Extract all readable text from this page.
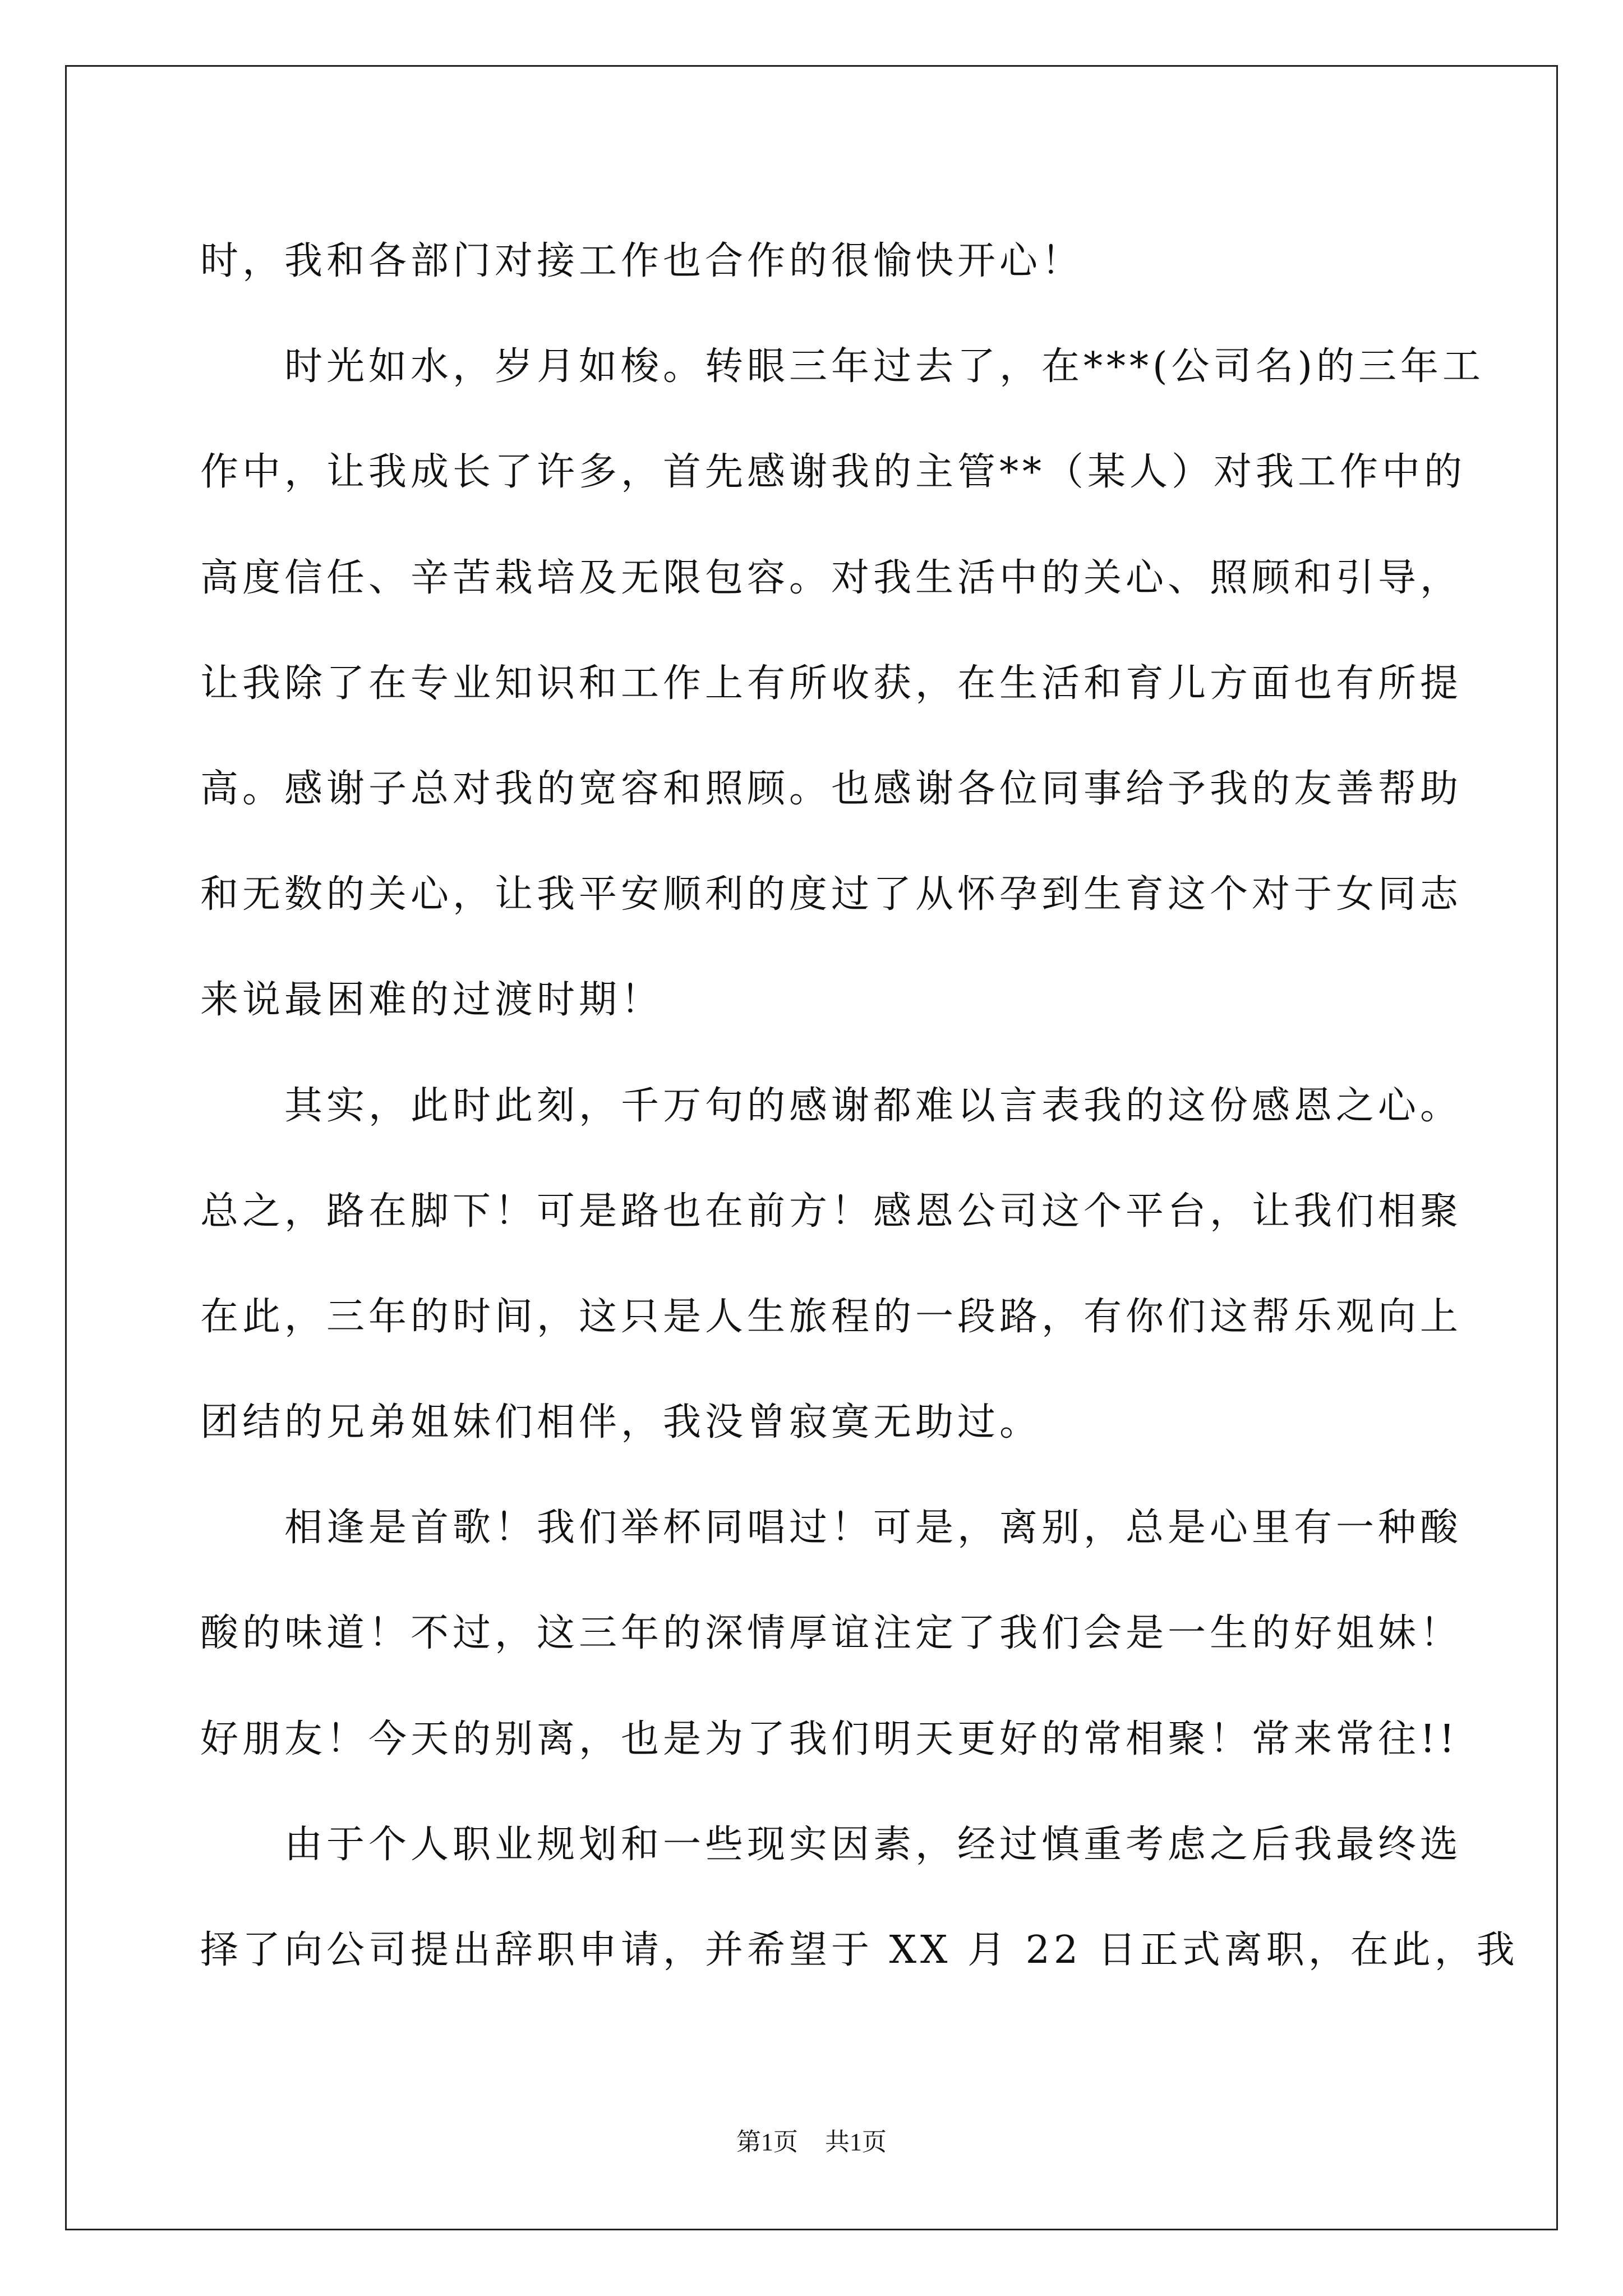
时，我和各部门对接工作也合作的很愉快开心！
时光如水，岁月如梭。转眼三年过去了，在***(公司名)的三年工
作中，让我成长了许多，首先感谢我的主管**（某人）对我工作中的
高度信任、辛苦栽培及无限包容。对我生活中的关心、照顾和引导，
让我除了在专业知识和工作上有所收获，在生活和育儿方面也有所提
高。感谢子总对我的宽容和照顾。也感谢各位同事给予我的友善帮助
和无数的关心，让我平安顺利的度过了从怀孕到生育这个对于女同志
来说最困难的过渡时期！
其实，此时此刻，千万句的感谢都难以言表我的这份感恩之心。
总之，路在脚下！可是路也在前方！感恩公司这个平台，让我们相聚
在此，三年的时间，这只是人生旅程的一段路，有你们这帮乐观向上
团结的兄弟姐妹们相伴，我没曾寂寞无助过。
相逢是首歌！我们举杯同唱过！可是，离别，总是心里有一种酸
酸的味道！不过，这三年的深情厚谊注定了我们会是一生的好姐妹！
好朋友！今天的别离，也是为了我们明天更好的常相聚！常来常往!!
由于个人职业规划和一些现实因素，经过慎重考虑之后我最终选
择了向公司提出辞职申请，并希望于 XX 月 22 日正式离职，在此，我
第1页 共1页
